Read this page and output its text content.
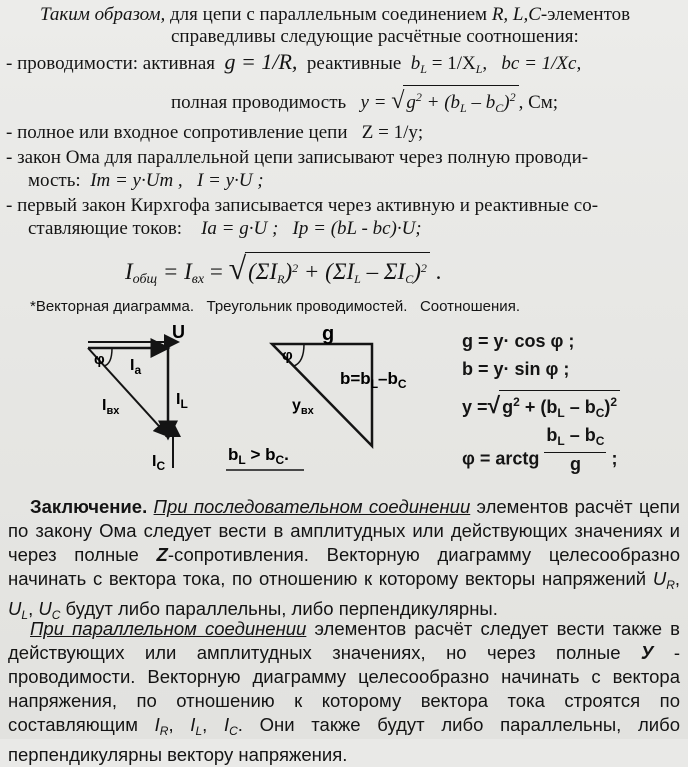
Таким образом, для цепи с параллельным соединением R, L,C-элементов
справедливы следующие расчётные соотношения:
- проводимости: активная g = 1/R, реактивные $b_L = 1/X_L$,   bc = 1/Xc,
полная проводимость y = √ $g^2 + (b_L - b_C)^2$ , См;
- полное или входное сопротивление цепи Z = 1/y;
- закон Ома для параллельной цепи записывают через полную проводи-
мость: Im = y·Um , I = y·U ;
- первый закон Кирхгофа записывается через активную и реактивные со-
ставляющие токов: Ia = g·U ; Ip = (bL - bc)·U;
$I_{общ} = I_{вх} = √(\Sigma I_R)^2 + (\Sigma I_L - \Sigma I_C)^2$ .
*Векторная диаграмма. Треугольник проводимостей. Соотношения.
U
φ $I_a$
$I_{вх}$
$I_L$
$I_C$
g
φ
$y_{вх}$
$b=b_L-b_C$
$b_L > b_C$.
g = y· cos φ ;
b = y· sin φ ;
y =√ $g^2 + (b_L - b_C)^2$
φ = arctg $\frac{b_L - b_C}{g}$ ;
Заключение. При последовательном соединении элементов расчёт цепи по закону Ома следует вести в амплитудных или действующих значениях и через полные Z-сопротивления. Векторную диаграмму целесообразно начинать с вектора тока, по отношению к которому векторы напряжений $U_R$, $U_L$, $U_C$ будут либо параллельны, либо перпендикулярны.
При параллельном соединении элементов расчёт следует вести также в действующих или амплитудных значениях, но через полные У - проводимости. Векторную диаграмму целесообразно начинать с вектора напряжения, по отношению к которому вектора тока строятся по составляющим $I_R$, $I_L$, $I_C$. Они также будут либо параллельны, либо перпендикулярны вектору напряжения.
